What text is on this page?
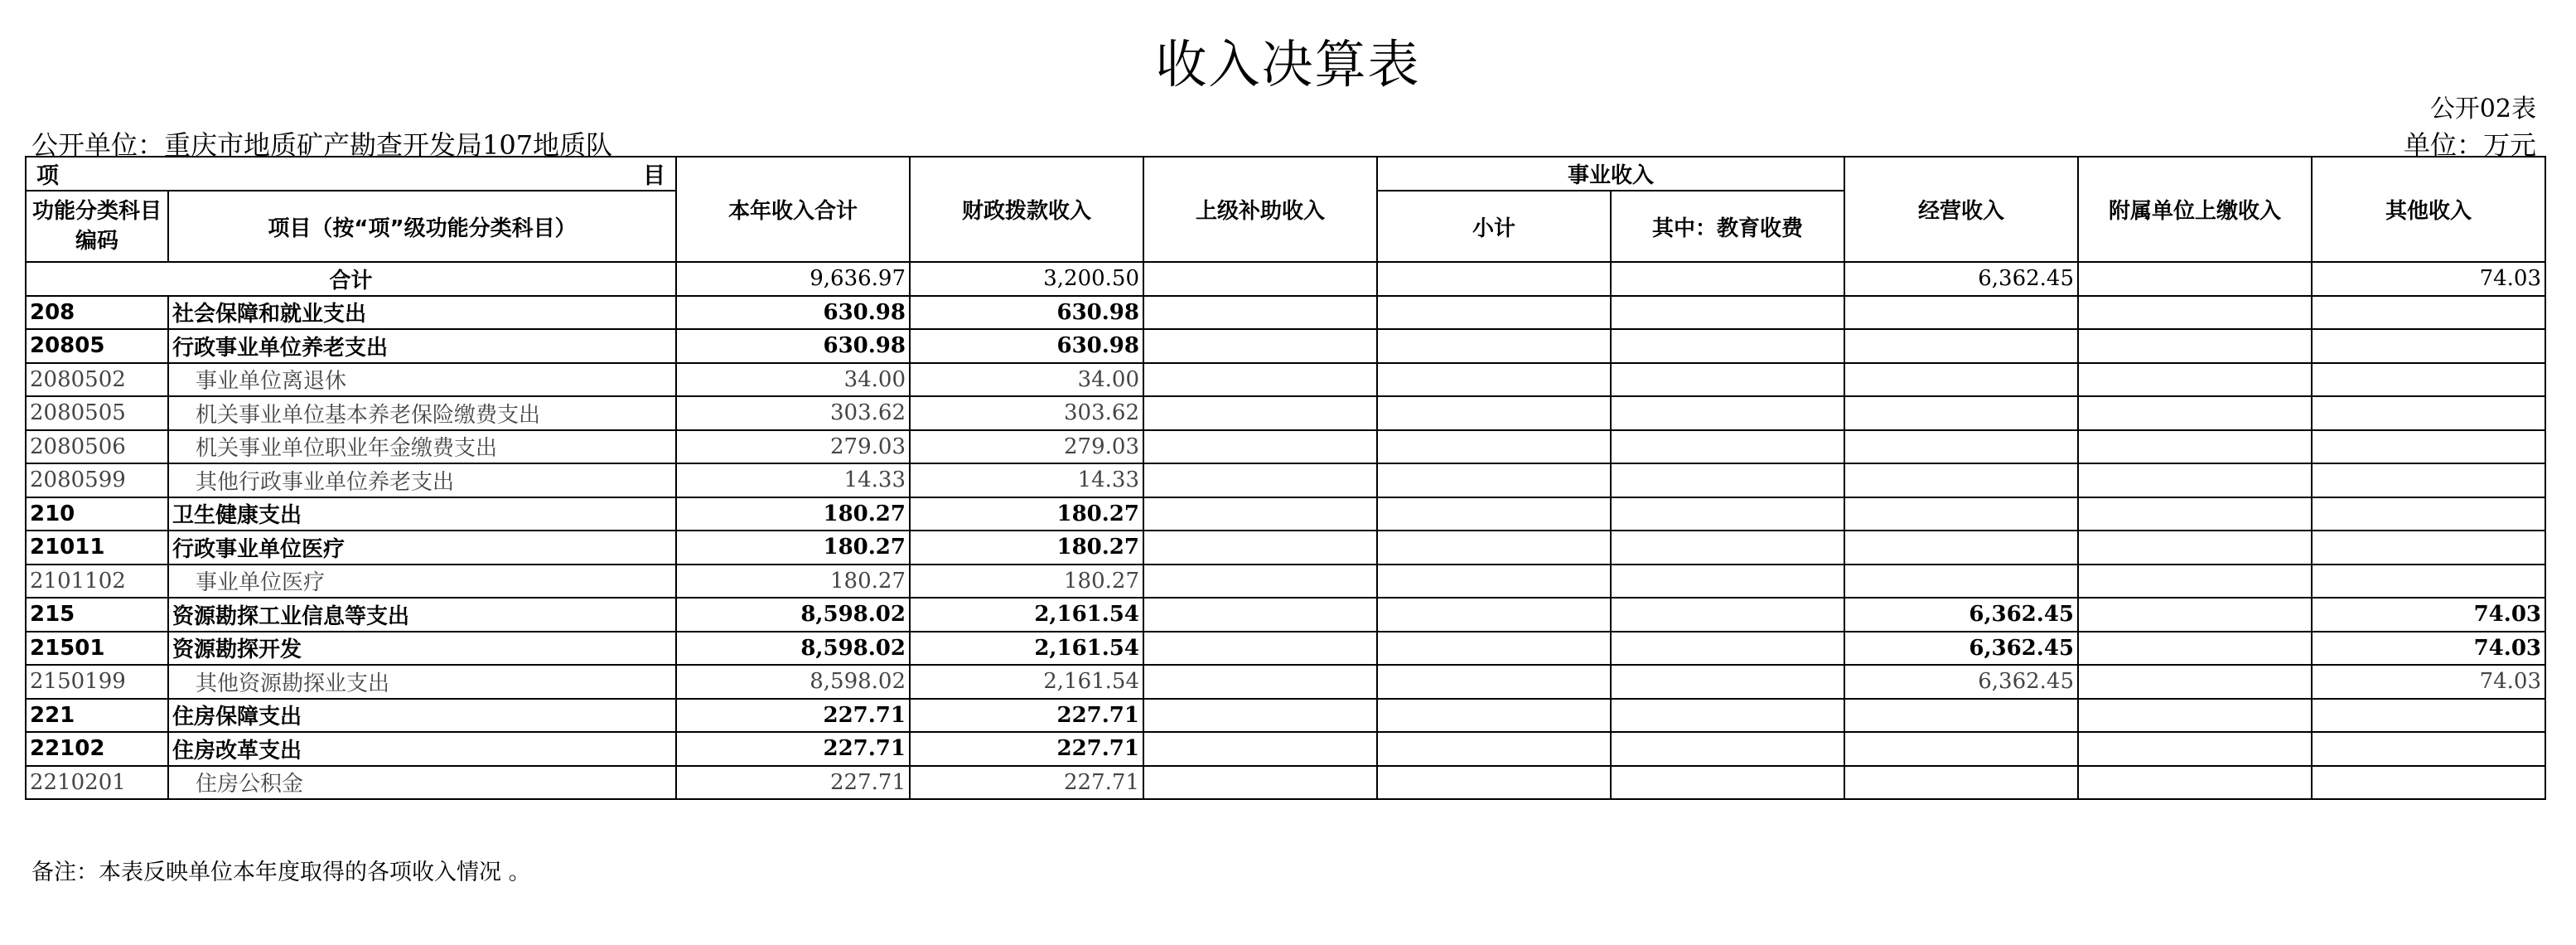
收入决算表
公开02表
公开单位：重庆市地质矿产勘查开发局107地质队	单位：万元
项 目		本年收入合计	财政拨款收入	上级补助收入	事业收入		经营收入	附属单位上缴收入	其他收入
功能分类科目编码	项目（按“项”级功能分类科目）								
					小计	其中：教育收费			
合计		9,636.97	3,200.50				6,362.45		74.03
208	社会保障和就业支出	630.98	630.98						
20805	行政事业单位养老支出	630.98	630.98						
2080502	事业单位离退休	34.00	34.00						
2080505	机关事业单位基本养老保险缴费支出	303.62	303.62						
2080506	机关事业单位职业年金缴费支出	279.03	279.03						
2080599	其他行政事业单位养老支出	14.33	14.33						
210	卫生健康支出	180.27	180.27						
21011	行政事业单位医疗	180.27	180.27						
2101102	事业单位医疗	180.27	180.27						
215	资源勘探工业信息等支出	8,598.02	2,161.54				6,362.45		74.03
21501	资源勘探开发	8,598.02	2,161.54				6,362.45		74.03
2150199	其他资源勘探业支出	8,598.02	2,161.54				6,362.45		74.03
221	住房保障支出	227.71	227.71						
22102	住房改革支出	227.71	227.71						
2210201	住房公积金	227.71	227.71						
备注：本表反映单位本年度取得的各项收入情况 。
